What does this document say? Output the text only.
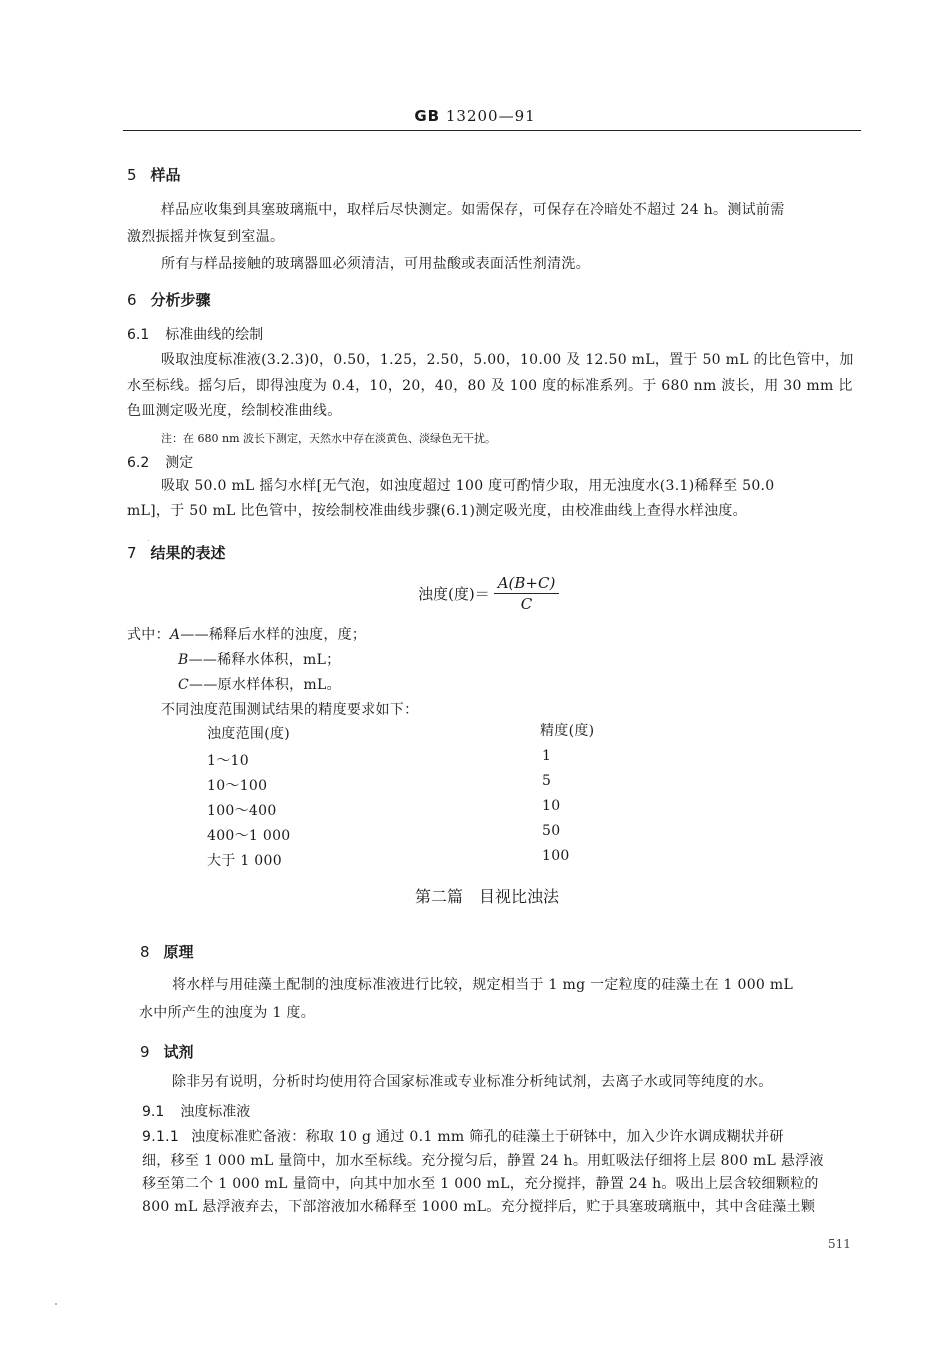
GB 13200—91
5 样品
样品应收集到具塞玻璃瓶中，取样后尽快测定。如需保存，可保存在冷暗处不超过 24 h。测试前需
激烈振摇并恢复到室温。
所有与样品接触的玻璃器皿必须清洁，可用盐酸或表面活性剂清洗。
6 分析步骤
6.1 标准曲线的绘制
吸取浊度标准液(3.2.3)0，0.50，1.25，2.50，5.00，10.00 及 12.50 mL，置于 50 mL 的比色管中，加
水至标线。摇匀后，即得浊度为 0.4，10，20，40，80 及 100 度的标准系列。于 680 nm 波长，用 30 mm 比
色皿测定吸光度，绘制校准曲线。
注：在 680 nm 波长下测定，天然水中存在淡黄色、淡绿色无干扰。
6.2 测定
吸取 50.0 mL 摇匀水样[无气泡，如浊度超过 100 度可酌情少取，用无浊度水(3.1)稀释至 50.0
mL]，于 50 mL 比色管中，按绘制校准曲线步骤(6.1)测定吸光度，由校准曲线上查得水样浊度。
7 结果的表述
浊度(度)＝ $\frac{A(B+C)}{C}$
式中：A——稀释后水样的浊度，度；
B——稀释水体积，mL；
C——原水样体积，mL。
不同浊度范围测试结果的精度要求如下：
浊度范围(度)	精度(度)
1～10	1
10～100	5
100～400	10
400～1 000	50
大于 1 000	100
第二篇　目视比浊法
8 原理
将水样与用硅藻土配制的浊度标准液进行比较，规定相当于 1 mg 一定粒度的硅藻土在 1 000 mL
水中所产生的浊度为 1 度。
9 试剂
除非另有说明，分析时均使用符合国家标准或专业标准分析纯试剂，去离子水或同等纯度的水。
9.1 浊度标准液
9.1.1 浊度标准贮备液：称取 10 g 通过 0.1 mm 筛孔的硅藻土于研钵中，加入少许水调成糊状并研
细，移至 1 000 mL 量筒中，加水至标线。充分搅匀后，静置 24 h。用虹吸法仔细将上层 800 mL 悬浮液
移至第二个 1 000 mL 量筒中，向其中加水至 1 000 mL，充分搅拌，静置 24 h。吸出上层含较细颗粒的
800 mL 悬浮液弃去，下部溶液加水稀释至 1000 mL。充分搅拌后，贮于具塞玻璃瓶中，其中含硅藻土颗
511
